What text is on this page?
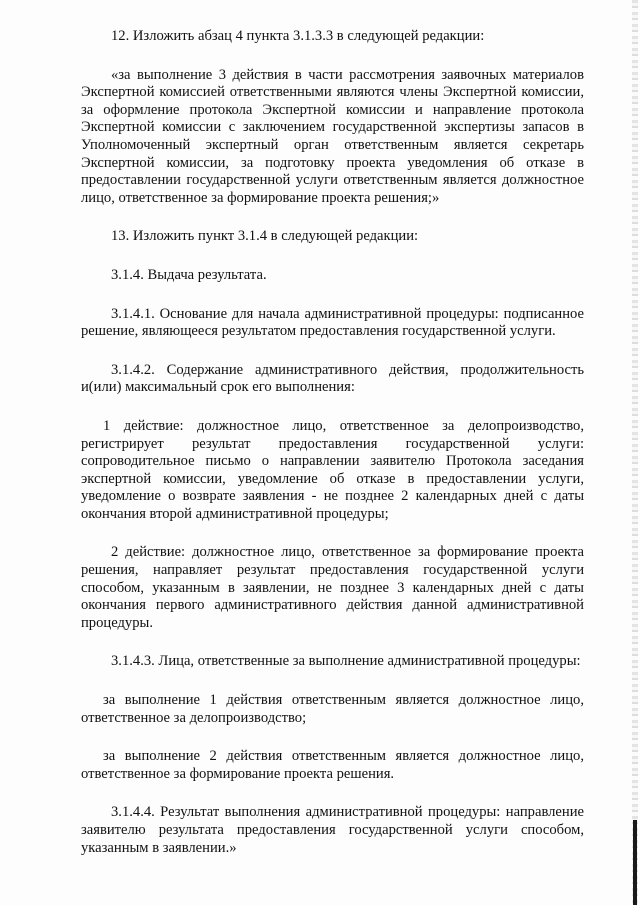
12. Изложить абзац 4 пункта 3.1.3.3 в следующей редакции:

«за выполнение 3 действия в части рассмотрения заявочных материалов Экспертной комиссией ответственными являются члены Экспертной комиссии, за оформление протокола Экспертной комиссии и направление протокола Экспертной комиссии с заключением государственной экспертизы запасов в Уполномоченный экспертный орган ответственным является секретарь Экспертной комиссии, за подготовку проекта уведомления об отказе в предоставлении государственной услуги ответственным является должностное лицо, ответственное за формирование проекта решения;»

13. Изложить пункт 3.1.4 в следующей редакции:

3.1.4. Выдача результата.

3.1.4.1. Основание для начала административной процедуры: подписанное решение, являющееся результатом предоставления государственной услуги.

3.1.4.2. Содержание административного действия, продолжительность и(или) максимальный срок его выполнения:

1 действие: должностное лицо, ответственное за делопроизводство, регистрирует результат предоставления государственной услуги: сопроводительное письмо о направлении заявителю Протокола заседания экспертной комиссии, уведомление об отказе в предоставлении услуги, уведомление о возврате заявления - не позднее 2 календарных дней с даты окончания второй административной процедуры;

2 действие: должностное лицо, ответственное за формирование проекта решения, направляет результат предоставления государственной услуги способом, указанным в заявлении, не позднее 3 календарных дней с даты окончания первого административного действия данной административной процедуры.

3.1.4.3. Лица, ответственные за выполнение административной процедуры:

за выполнение 1 действия ответственным является должностное лицо, ответственное за делопроизводство;

за выполнение 2 действия ответственным является должностное лицо, ответственное за формирование проекта решения.

3.1.4.4. Результат выполнения административной процедуры: направление заявителю результата предоставления государственной услуги способом, указанным в заявлении.»
